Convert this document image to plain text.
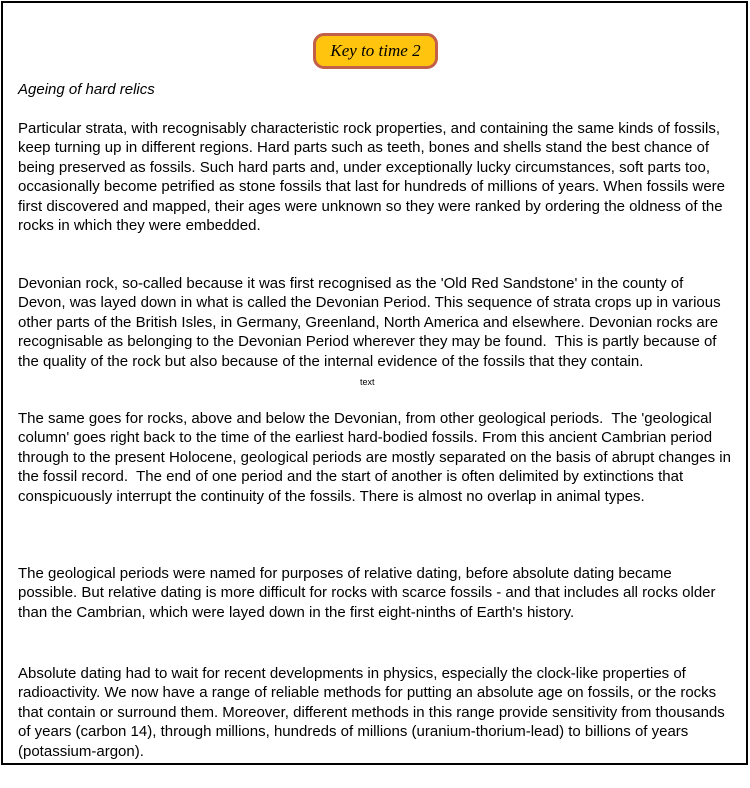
Key to time 2
Ageing of hard relics
Particular strata, with recognisably characteristic rock properties, and containing the same kinds of fossils, keep turning up in different regions. Hard parts such as teeth, bones and shells stand the best chance of being preserved as fossils. Such hard parts and, under exceptionally lucky circumstances, soft parts too, occasionally become petrified as stone fossils that last for hundreds of millions of years. When fossils were first discovered and mapped, their ages were unknown so they were ranked by ordering the oldness of the rocks in which they were embedded.
Devonian rock, so-called because it was first recognised as the 'Old Red Sandstone' in the county of Devon, was layed down in what is called the Devonian Period. This sequence of strata crops up in various other parts of the British Isles, in Germany, Greenland, North America and elsewhere. Devonian rocks are recognisable as belonging to the Devonian Period wherever they may be found.  This is partly because of the quality of the rock but also because of the internal evidence of the fossils that they contain.
The same goes for rocks, above and below the Devonian, from other geological periods.  The 'geological column' goes right back to the time of the earliest hard-bodied fossils. From this ancient Cambrian period through to the present Holocene, geological periods are mostly separated on the basis of abrupt changes in the fossil record.  The end of one period and the start of another is often delimited by extinctions that conspicuously interrupt the continuity of the fossils. There is almost no overlap in animal types.
The geological periods were named for purposes of relative dating, before absolute dating became possible. But relative dating is more difficult for rocks with scarce fossils - and that includes all rocks older than the Cambrian, which were layed down in the first eight-ninths of Earth's history.
Absolute dating had to wait for recent developments in physics, especially the clock-like properties of radioactivity. We now have a range of reliable methods for putting an absolute age on fossils, or the rocks that contain or surround them. Moreover, different methods in this range provide sensitivity from thousands of years (carbon 14), through millions, hundreds of millions (uranium-thorium-lead) to billions of years (potassium-argon).
text
